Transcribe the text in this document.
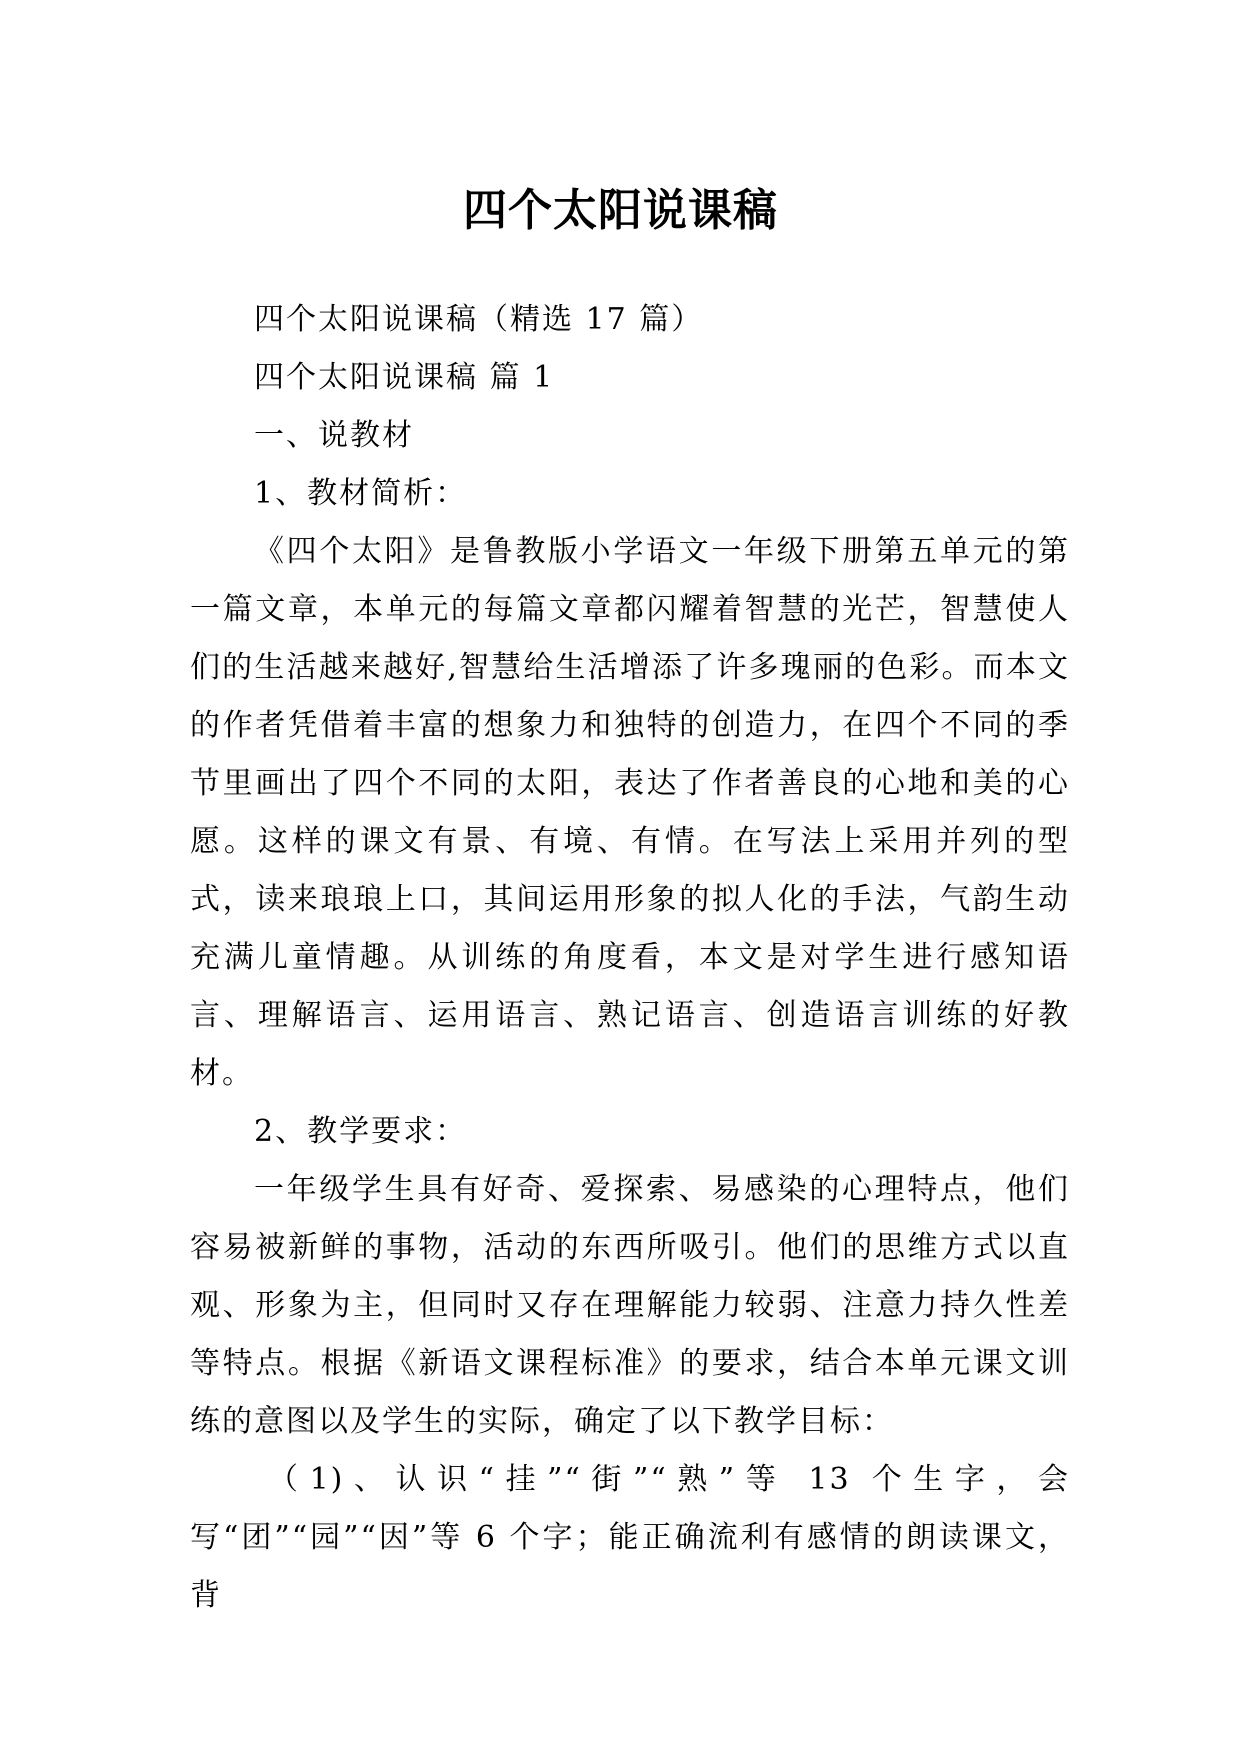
四个太阳说课稿

四个太阳说课稿（精选 17 篇）

四个太阳说课稿 篇 1

一、说教材

1、教材简析：

《四个太阳》是鲁教版小学语文一年级下册第五单元的第一篇文章，本单元的每篇文章都闪耀着智慧的光芒，智慧使人们的生活越来越好,智慧给生活增添了许多瑰丽的色彩。而本文的作者凭借着丰富的想象力和独特的创造力，在四个不同的季节里画出了四个不同的太阳，表达了作者善良的心地和美的心愿。这样的课文有景、有境、有情。在写法上采用并列的型式，读来琅琅上口，其间运用形象的拟人化的手法，气韵生动充满儿童情趣。从训练的角度看，本文是对学生进行感知语言、理解语言、运用语言、熟记语言、创造语言训练的好教材。

2、教学要求：

一年级学生具有好奇、爱探索、易感染的心理特点，他们容易被新鲜的事物，活动的东西所吸引。他们的思维方式以直观、形象为主，但同时又存在理解能力较弱、注意力持久性差等特点。根据《新语文课程标准》的要求，结合本单元课文训练的意图以及学生的实际，确定了以下教学目标：

（1)、认识“挂”“街”“熟”等 13 个生字，会写“团”“园”“因”等 6 个字；能正确流利有感情的朗读课文，背
